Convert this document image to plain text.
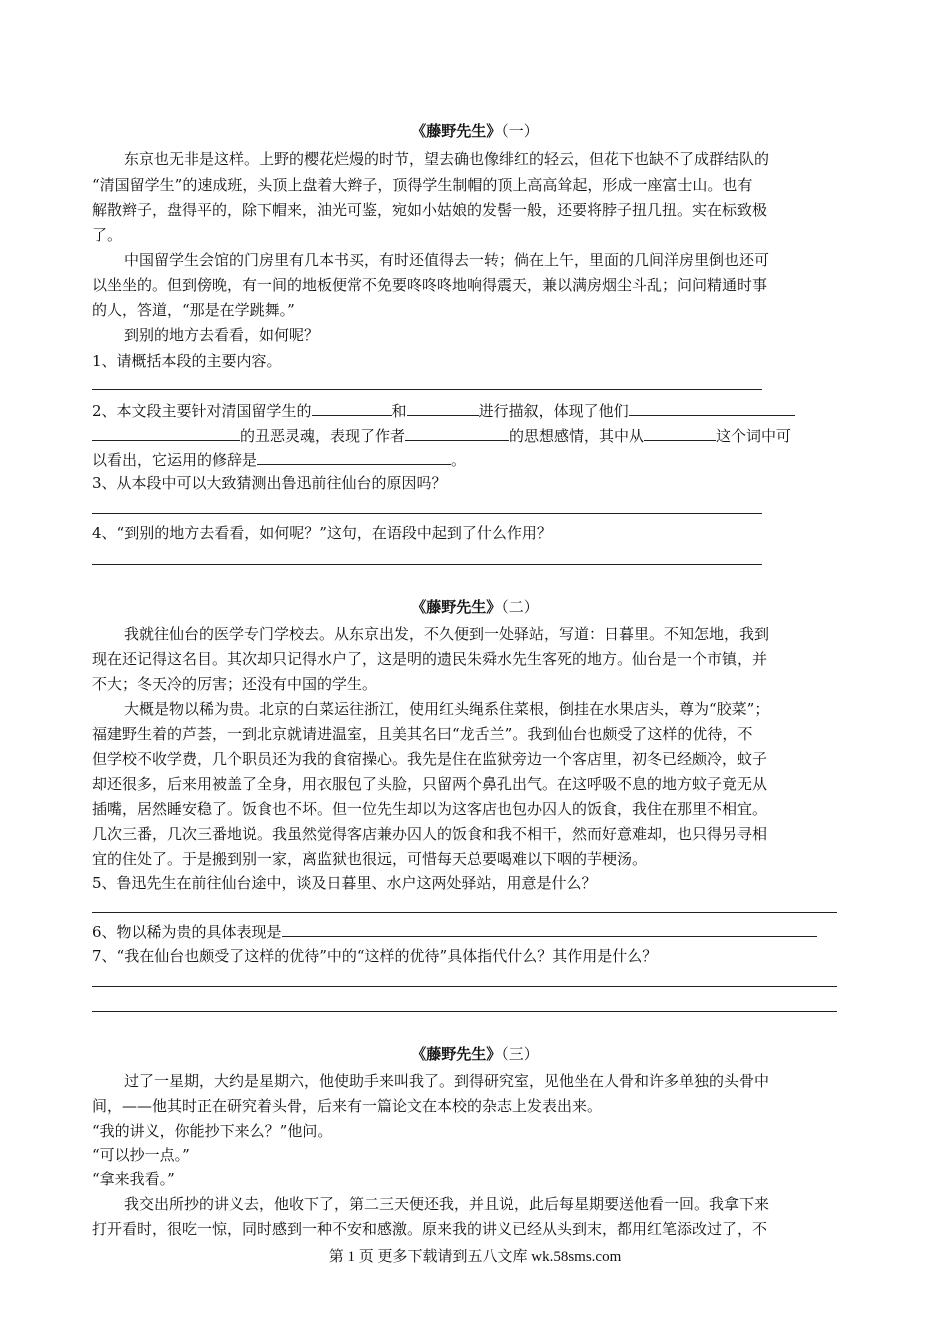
《藤野先生》（一）
东京也无非是这样。上野的樱花烂熳的时节，望去确也像绯红的轻云，但花下也缺不了成群结队的
“清国留学生”的速成班，头顶上盘着大辫子，顶得学生制帽的顶上高高耸起，形成一座富士山。也有
解散辫子，盘得平的，除下帽来，油光可鉴，宛如小姑娘的发髻一般，还要将脖子扭几扭。实在标致极
了。
中国留学生会馆的门房里有几本书买，有时还值得去一转；倘在上午，里面的几间洋房里倒也还可
以坐坐的。但到傍晚，有一间的地板便常不免要咚咚咚地响得震天，兼以满房烟尘斗乱；问问精通时事
的人，答道，“那是在学跳舞。”
到别的地方去看看，如何呢？
1、请概括本段的主要内容。
2、本文段主要针对清国留学生的	和	进行描叙，体现了他们
的丑恶灵魂，表现了作者	的思想感情，其中从	这个词中可
以看出，它运用的修辞是	。
3、从本段中可以大致猜测出鲁迅前往仙台的原因吗？
4、“到别的地方去看看，如何呢？”这句，在语段中起到了什么作用？
《藤野先生》（二）
我就往仙台的医学专门学校去。从东京出发，不久便到一处驿站，写道：日暮里。不知怎地，我到
现在还记得这名目。其次却只记得水户了，这是明的遗民朱舜水先生客死的地方。仙台是一个市镇，并
不大；冬天冷的厉害；还没有中国的学生。
大概是物以稀为贵。北京的白菜运往浙江，使用红头绳系住菜根，倒挂在水果店头，尊为“胶菜”；
福建野生着的芦荟，一到北京就请进温室，且美其名曰“龙舌兰”。我到仙台也颇受了这样的优待，不
但学校不收学费，几个职员还为我的食宿操心。我先是住在监狱旁边一个客店里，初冬已经颇冷，蚊子
却还很多，后来用被盖了全身，用衣服包了头脸，只留两个鼻孔出气。在这呼吸不息的地方蚊子竟无从
插嘴，居然睡安稳了。饭食也不坏。但一位先生却以为这客店也包办囚人的饭食，我住在那里不相宜。
几次三番，几次三番地说。我虽然觉得客店兼办囚人的饭食和我不相干，然而好意难却，也只得另寻相
宜的住处了。于是搬到别一家，离监狱也很远，可惜每天总要喝难以下咽的芋梗汤。
5、鲁迅先生在前往仙台途中，谈及日暮里、水户这两处驿站，用意是什么？
6、物以稀为贵的具体表现是
7、“我在仙台也颇受了这样的优待”中的“这样的优待”具体指代什么？其作用是什么？
《藤野先生》（三）
过了一星期，大约是星期六，他使助手来叫我了。到得研究室，见他坐在人骨和许多单独的头骨中
间，——他其时正在研究着头骨，后来有一篇论文在本校的杂志上发表出来。
“我的讲义，你能抄下来么？”他问。
“可以抄一点。”
“拿来我看。”
我交出所抄的讲义去，他收下了，第二三天便还我，并且说，此后每星期要送他看一回。我拿下来
打开看时，很吃一惊，同时感到一种不安和感激。原来我的讲义已经从头到末，都用红笔添改过了，不
第 1 页 更多下载请到五八文库 wk.58sms.com
